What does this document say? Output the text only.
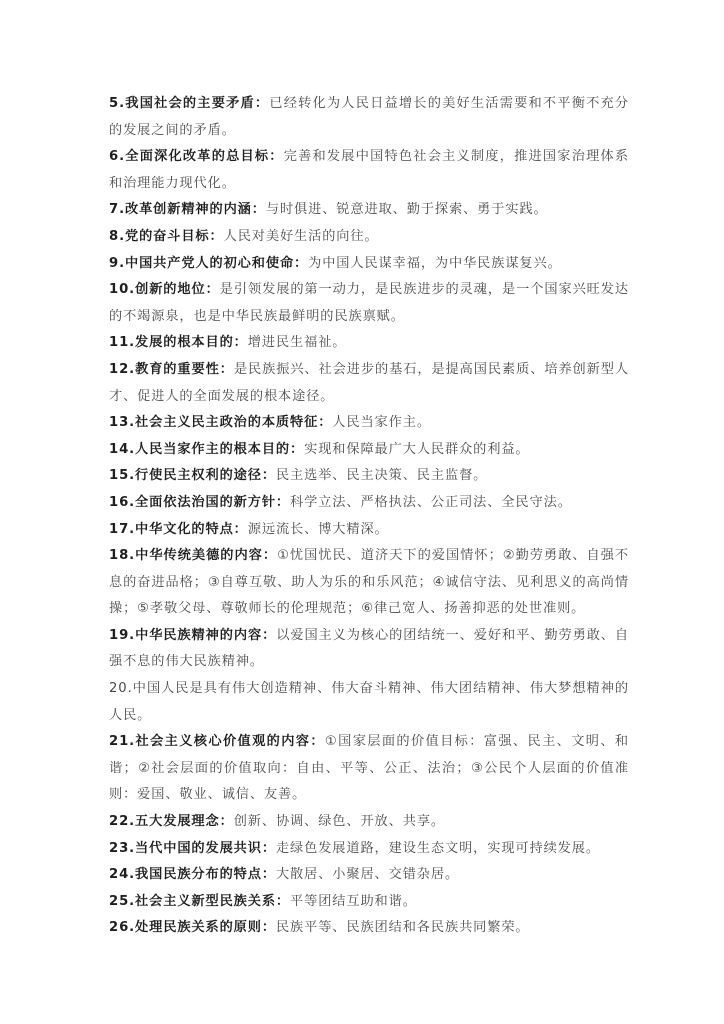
5.我国社会的主要矛盾：已经转化为人民日益增长的美好生活需要和不平衡不充分的发展之间的矛盾。
6.全面深化改革的总目标：完善和发展中国特色社会主义制度，推进国家治理体系和治理能力现代化。
7.改革创新精神的内涵：与时俱进、锐意进取、勤于探索、勇于实践。
8.党的奋斗目标：人民对美好生活的向往。
9.中国共产党人的初心和使命：为中国人民谋幸福，为中华民族谋复兴。
10.创新的地位：是引领发展的第一动力，是民族进步的灵魂，是一个国家兴旺发达的不竭源泉，也是中华民族最鲜明的民族禀赋。
11.发展的根本目的：增进民生福祉。
12.教育的重要性：是民族振兴、社会进步的基石，是提高国民素质、培养创新型人才、促进人的全面发展的根本途径。
13.社会主义民主政治的本质特征：人民当家作主。
14.人民当家作主的根本目的：实现和保障最广大人民群众的利益。
15.行使民主权利的途径：民主选举、民主决策、民主监督。
16.全面依法治国的新方针：科学立法、严格执法、公正司法、全民守法。
17.中华文化的特点：源远流长、博大精深。
18.中华传统美德的内容：①忧国忧民、道济天下的爱国情怀；②勤劳勇敢、自强不息的奋进品格；③自尊互敬、助人为乐的和乐风范；④诚信守法、见利思义的高尚情操；⑤孝敬父母、尊敬师长的伦理规范；⑥律己宽人、扬善抑恶的处世准则。
19.中华民族精神的内容：以爱国主义为核心的团结统一、爱好和平、勤劳勇敢、自强不息的伟大民族精神。
20.中国人民是具有伟大创造精神、伟大奋斗精神、伟大团结精神、伟大梦想精神的人民。
21.社会主义核心价值观的内容：①国家层面的价值目标：富强、民主、文明、和谐；②社会层面的价值取向：自由、平等、公正、法治；③公民个人层面的价值准则：爱国、敬业、诚信、友善。
22.五大发展理念：创新、协调、绿色、开放、共享。
23.当代中国的发展共识：走绿色发展道路，建设生态文明，实现可持续发展。
24.我国民族分布的特点：大散居、小聚居、交错杂居。
25.社会主义新型民族关系：平等团结互助和谐。
26.处理民族关系的原则：民族平等、民族团结和各民族共同繁荣。
